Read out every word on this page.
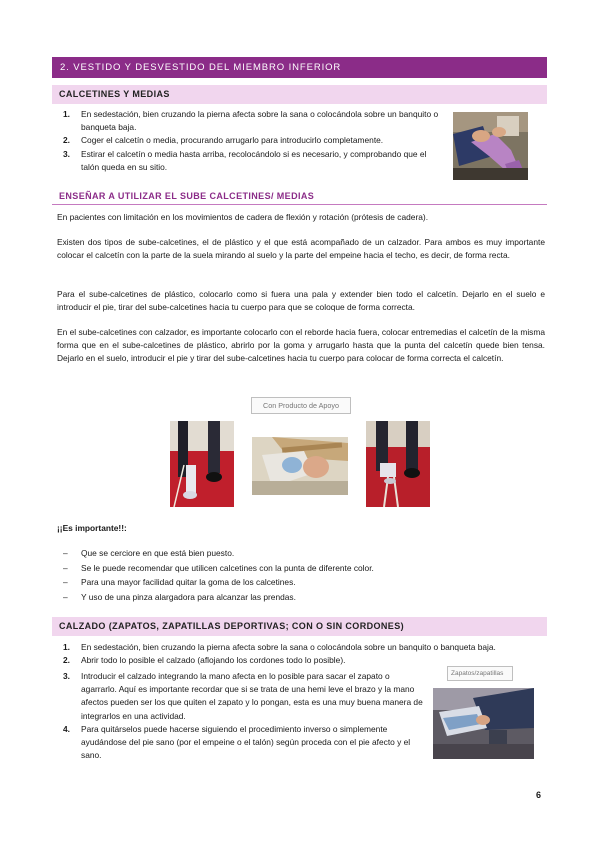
2. VESTIDO Y DESVESTIDO DEL MIEMBRO INFERIOR
CALCETINES Y MEDIAS
1. En sedestación, bien cruzando la pierna afecta sobre la sana o colocándola sobre un banquito o banqueta baja.
2. Coger el calcetín o media, procurando arrugarlo para introducirlo completamente.
3. Estirar el calcetín o media hasta arriba, recolocándolo si es necesario, y comprobando que el talón queda en su sitio.
ENSEÑAR A UTILIZAR EL SUBE CALCETINES/ MEDIAS

En pacientes con limitación en los movimientos de cadera de flexión y rotación (prótesis de cadera).

Existen dos tipos de sube-calcetines, el de plástico y el que está acompañado de un calzador. Para ambos es muy importante colocar el calcetín con la parte de la suela mirando al suelo y la parte del empeine hacia el techo, es decir, de forma recta.

Para el sube-calcetines de plástico, colocarlo como si fuera una pala y extender bien todo el calcetín. Dejarlo en el suelo e introducir el pie, tirar del sube-calcetines hacia tu cuerpo para que se coloque de forma correcta.

En el sube-calcetines con calzador, es importante colocarlo con el reborde hacia fuera, colocar entremedias el calcetín de la misma forma que en el sube-calcetines de plástico, abrirlo por la goma y arrugarlo hasta que la punta del calcetín quede bien tensa. Dejarlo en el suelo, introducir el pie y tirar del sube-calcetines hacia tu cuerpo para colocar de forma correcta el calcetín.

Con Producto de Apoyo
¡¡Es importante!!:
– Que se cerciore en que está bien puesto.
– Se le puede recomendar que utilicen calcetines con la punta de diferente color.
– Para una mayor facilidad quitar la goma de los calcetines.
– Y uso de una pinza alargadora para alcanzar las prendas.
CALZADO (ZAPATOS, ZAPATILLAS DEPORTIVAS; CON O SIN CORDONES)
1. En sedestación, bien cruzando la pierna afecta sobre la sana o colocándola sobre un banquito o banqueta baja.
2. Abrir todo lo posible el calzado (aflojando los cordones todo lo posible).
3. Introducir el calzado integrando la mano afecta en lo posible para sacar el zapato o agarrarlo. Aquí es importante recordar que si se trata de una hemi leve el brazo y la mano afectos pueden ser los que quiten el zapato y lo pongan, esta es una muy buena manera de integrarlos en una actividad.
4. Para quitárselos puede hacerse siguiendo el procedimiento inverso o simplemente ayudándose del pie sano (por el empeine o el talón) según proceda con el pie afecto y el sano.
Zapatos/zapatillas
6
